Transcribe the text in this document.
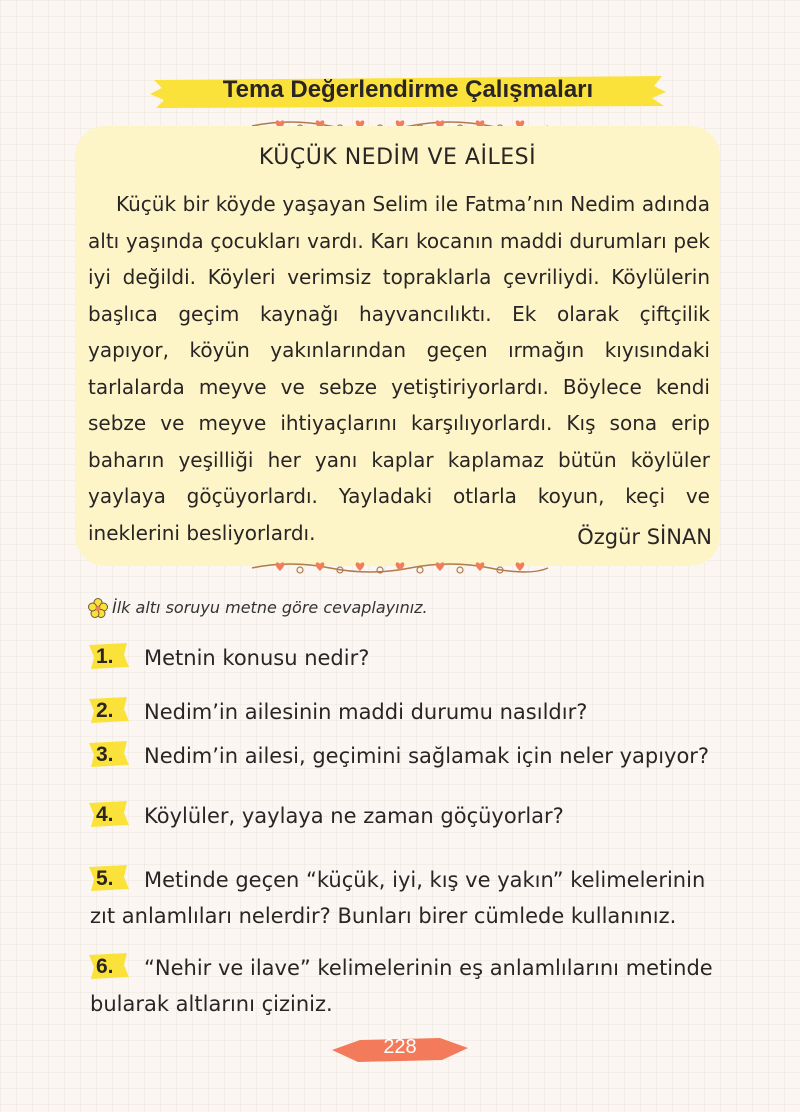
Tema Değerlendirme Çalışmaları
KÜÇÜK NEDİM VE AİLESİ
Küçük bir köyde yaşayan Selim ile Fatma’nın Nedim adında altı yaşında çocukları vardı. Karı kocanın maddi durumları pek iyi değildi. Köyleri verimsiz topraklarla çevriliydi. Köylülerin başlıca geçim kaynağı hayvancılıktı. Ek olarak çiftçilik yapıyor, köyün yakınlarından geçen ırmağın kıyısındaki tarlalarda meyve ve sebze yetiştiriyorlardı. Böylece kendi sebze ve meyve ihtiyaçlarını karşılıyorlardı. Kış sona erip baharın yeşilliği her yanı kaplar kaplamaz bütün köylüler yaylaya göçüyorlardı. Yayladaki otlarla koyun, keçi ve ineklerini besliyorlardı.	Özgür SİNAN
İlk altı soruyu metne göre cevaplayınız.
1. Metnin konusu nedir?
2. Nedim’in ailesinin maddi durumu nasıldır?
3. Nedim’in ailesi, geçimini sağlamak için neler yapıyor?
4. Köylüler, yaylaya ne zaman göçüyorlar?
5. Metinde geçen “küçük, iyi, kış ve yakın” kelimelerinin zıt anlamlıları nelerdir? Bunları birer cümlede kullanınız.
6. “Nehir ve ilave” kelimelerinin eş anlamlılarını metinde bularak altlarını çiziniz.
228
